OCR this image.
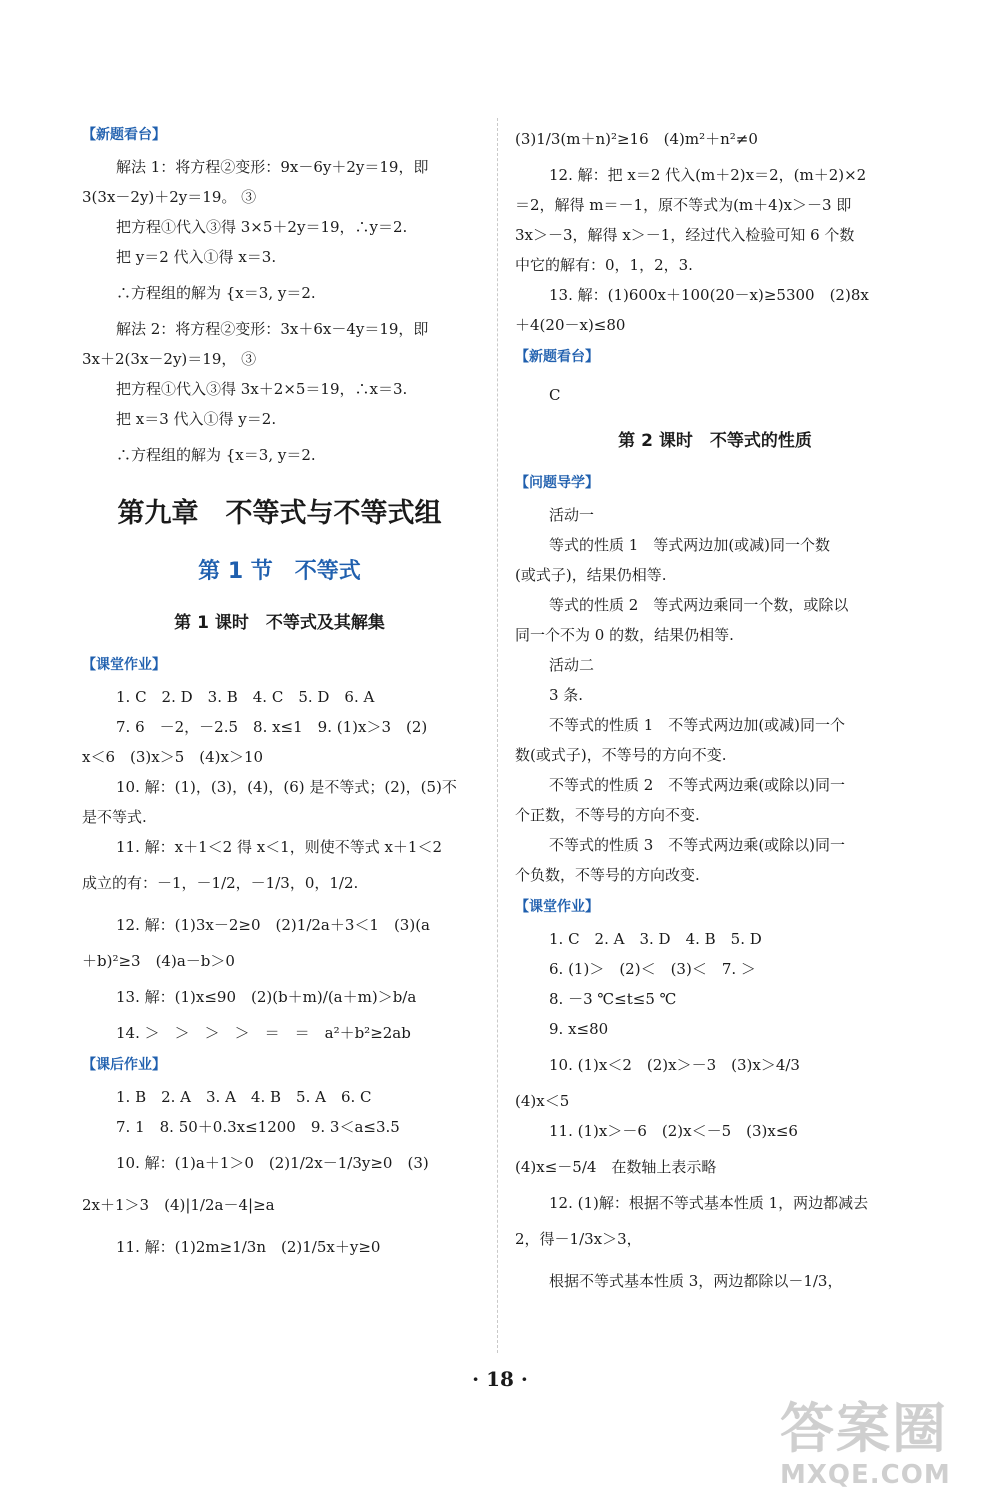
【新题看台】
解法 1：将方程②变形：9x－6y＋2y＝19，即
3(3x－2y)＋2y＝19。 ③
把方程①代入③得 3×5＋2y＝19，∴y＝2.
把 y＝2 代入①得 x＝3.
∴方程组的解为 {x＝3, y＝2.
解法 2：将方程②变形：3x＋6x－4y＝19，即
3x＋2(3x－2y)＝19， ③
把方程①代入③得 3x＋2×5＝19，∴x＝3.
把 x＝3 代入①得 y＝2.
∴方程组的解为 {x＝3, y＝2.
第九章　不等式与不等式组
第 1 节　不等式
第 1 课时　不等式及其解集
【课堂作业】
1. C　2. D　3. B　4. C　5. D　6. A
7. 6　－2，－2.5　8. x≤1　9. (1)x＞3　(2)
x＜6　(3)x＞5　(4)x＞10
10. 解：(1)，(3)，(4)，(6) 是不等式；(2)，(5)不
是不等式.
11. 解：x＋1＜2 得 x＜1，则使不等式 x＋1＜2
成立的有：－1，－1/2，－1/3，0，1/2.
12. 解：(1)3x－2≥0　(2)1/2a＋3＜1　(3)(a
＋b)²≥3　(4)a－b＞0
13. 解：(1)x≤90　(2)(b＋m)/(a＋m)＞b/a
14. ＞　＞　＞　＞　＝　＝　a²＋b²≥2ab
【课后作业】
1. B　2. A　3. A　4. B　5. A　6. C
7. 1　8. 50＋0.3x≤1200　9. 3＜a≤3.5
10. 解：(1)a＋1＞0　(2)1/2x－1/3y≥0　(3)
2x＋1＞3　(4)|1/2a－4|≥a
11. 解：(1)2m≥1/3n　(2)1/5x＋y≥0
(3)1/3(m＋n)²≥16　(4)m²＋n²≠0
12. 解：把 x＝2 代入(m＋2)x＝2，(m＋2)×2
＝2，解得 m＝－1，原不等式为(m＋4)x＞－3 即
3x＞－3，解得 x＞－1，经过代入检验可知 6 个数
中它的解有：0，1，2，3.
13. 解：(1)600x＋100(20－x)≥5300　(2)8x
＋4(20－x)≤80
【新题看台】
C
第 2 课时　不等式的性质
【问题导学】
活动一
等式的性质 1　等式两边加(或减)同一个数
(或式子)，结果仍相等.
等式的性质 2　等式两边乘同一个数，或除以
同一个不为 0 的数，结果仍相等.
活动二
3 条.
不等式的性质 1　不等式两边加(或减)同一个
数(或式子)，不等号的方向不变.
不等式的性质 2　不等式两边乘(或除以)同一
个正数，不等号的方向不变.
不等式的性质 3　不等式两边乘(或除以)同一
个负数，不等号的方向改变.
【课堂作业】
1. C　2. A　3. D　4. B　5. D
6. (1)＞　(2)＜　(3)＜　7. ＞
8. －3 ℃≤t≤5 ℃
9. x≤80
10. (1)x＜2　(2)x＞－3　(3)x＞4/3
(4)x＜5
11. (1)x＞－6　(2)x＜－5　(3)x≤6
(4)x≤－5/4　在数轴上表示略
12. (1)解：根据不等式基本性质 1，两边都减去
2，得－1/3x＞3，
根据不等式基本性质 3，两边都除以－1/3，
· 18 ·
答案圈
MXQE.COM
